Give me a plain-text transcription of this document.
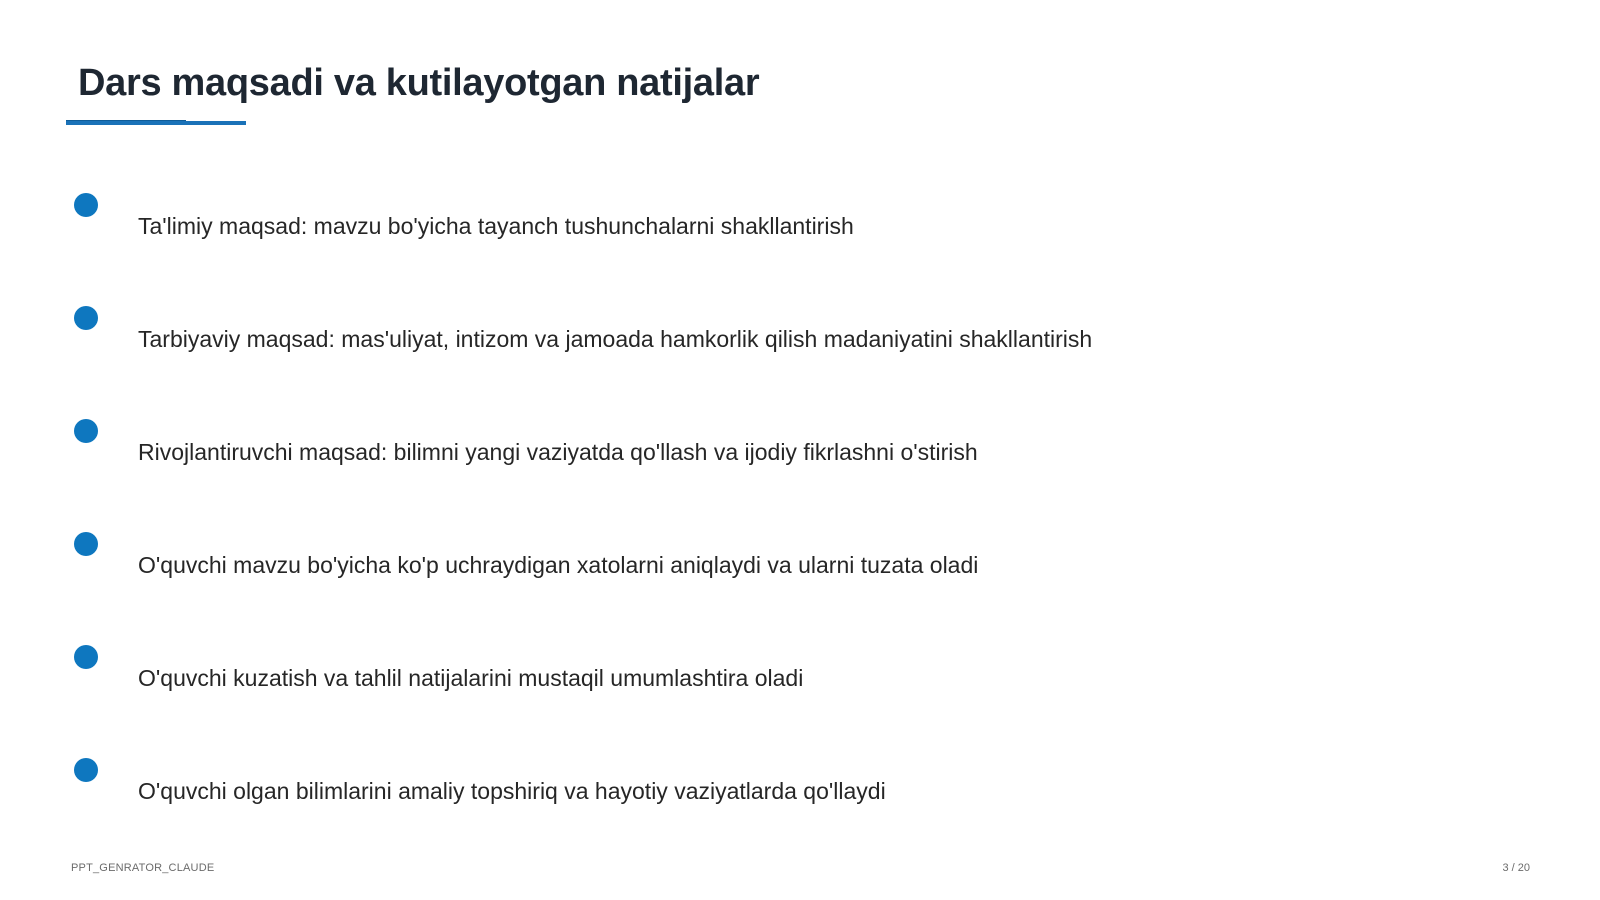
Dars maqsadi va kutilayotgan natijalar
Ta'limiy maqsad: mavzu bo'yicha tayanch tushunchalarni shakllantirish
Tarbiyaviy maqsad: mas'uliyat, intizom va jamoada hamkorlik qilish madaniyatini shakllantirish
Rivojlantiruvchi maqsad: bilimni yangi vaziyatda qo'llash va ijodiy fikrlashni o'stirish
O'quvchi mavzu bo'yicha ko'p uchraydigan xatolarni aniqlaydi va ularni tuzata oladi
O'quvchi kuzatish va tahlil natijalarini mustaqil umumlashtira oladi
O'quvchi olgan bilimlarini amaliy topshiriq va hayotiy vaziyatlarda qo'llaydi
PPT_GENRATOR_CLAUDE	3 / 20
